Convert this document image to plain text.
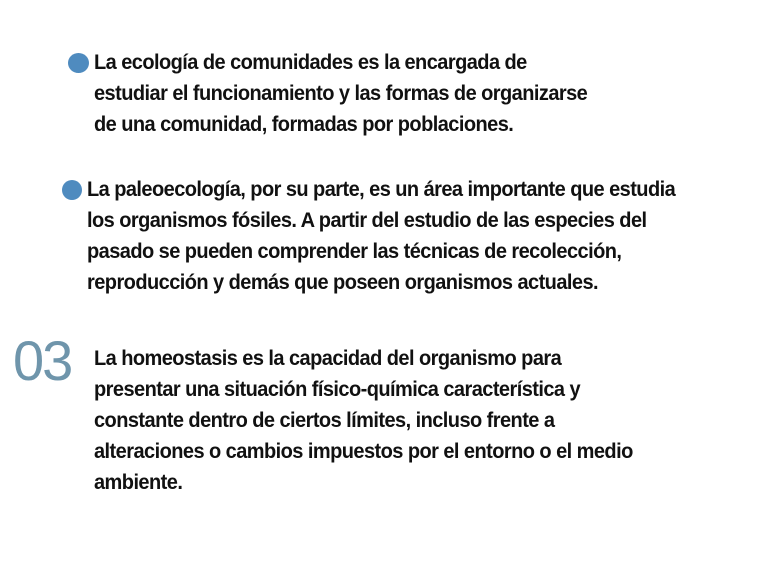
La ecología de comunidades es la encargada de
estudiar el funcionamiento y las formas de organizarse
de una comunidad, formadas por poblaciones.
La paleoecología, por su parte, es un área importante que estudia
los organismos fósiles. A partir del estudio de las especies del
pasado se pueden comprender las técnicas de recolección,
reproducción y demás que poseen organismos actuales.
03 La homeostasis es la capacidad del organismo para
presentar una situación físico-química característica y
constante dentro de ciertos límites, incluso frente a
alteraciones o cambios impuestos por el entorno o el medio
ambiente.
